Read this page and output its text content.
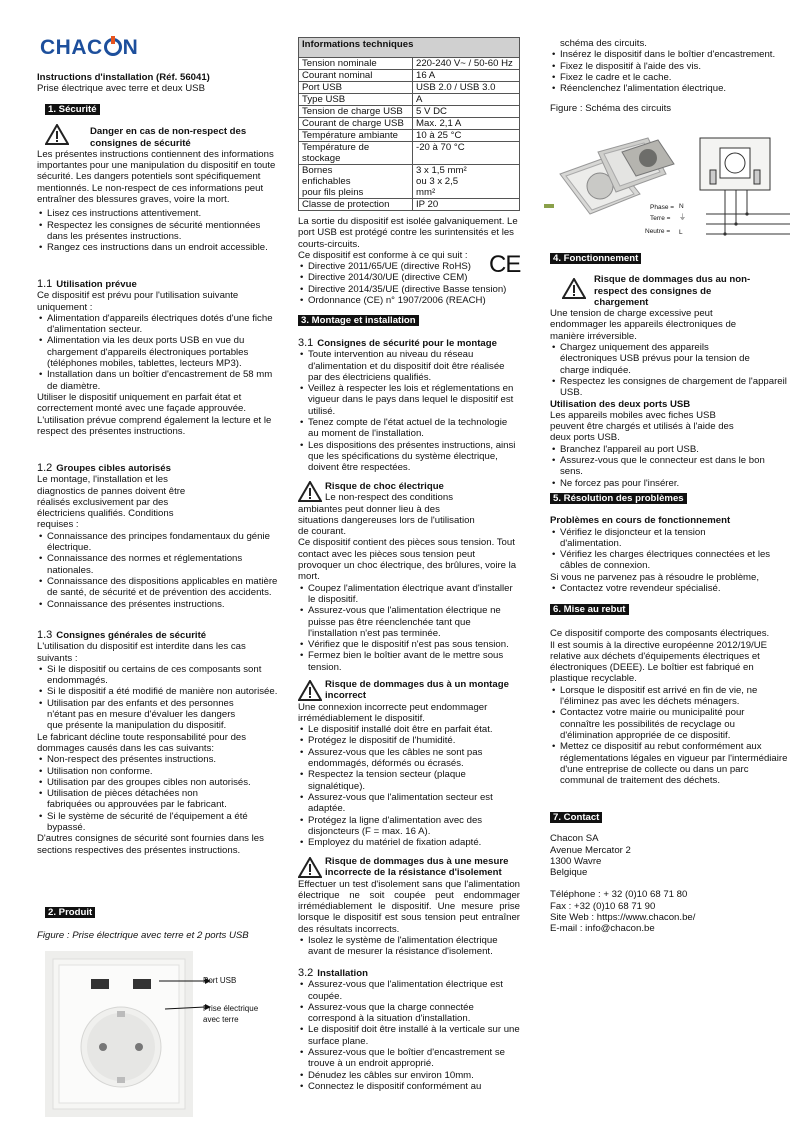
CHAC N

Instructions d'installation (Réf. 56041)

Prise électrique avec terre et deux USB

1. Sécurité

Danger en cas de non-respect des consignes de sécurité

Les présentes instructions contiennent des informations importantes pour une manipulation du dispositif en toute sécurité. Les dangers potentiels sont spécifiquement mentionnés. Le non-respect de ces informations peut entraîner des blessures graves, voire la mort.

• Lisez ces instructions attentivement.
• Respectez les consignes de sécurité mentionnées dans les présentes instructions.
• Rangez ces instructions dans un endroit accessible.

1.1 Utilisation prévue

Ce dispositif est prévu pour l'utilisation suivante uniquement :

• Alimentation d'appareils électriques dotés d'une fiche d'alimentation secteur.
• Alimentation via les deux ports USB en vue du chargement d'appareils électroniques portables (téléphones mobiles, tablettes, lecteurs MP3).
• Installation dans un boîtier d'encastrement de 58 mm de diamètre.

Utiliser le dispositif uniquement en parfait état et correctement monté avec une façade approuvée.

L'utilisation prévue comprend également la lecture et le respect des présentes instructions.

1.2 Groupes cibles autorisés

Le montage, l'installation et les diagnostics de pannes doivent être réalisés exclusivement par des électriciens qualifiés. Conditions requises :

• Connaissance des principes fondamentaux du génie électrique.
• Connaissance des normes et réglementations nationales.
• Connaissance des dispositions applicables en matière de santé, de sécurité et de prévention des accidents.
• Connaissance des présentes instructions.

1.3 Consignes générales de sécurité

L'utilisation du dispositif est interdite dans les cas suivants :

• Si le dispositif ou certains de ces composants sont endommagés.
• Si le dispositif a été modifié de manière non autorisée.
• Utilisation par des enfants et des personnes n'étant pas en mesure d'évaluer les dangers que présente la manipulation du dispositif.

Le fabricant décline toute responsabilité pour des dommages causés dans les cas suivants:

• Non-respect des présentes instructions.
• Utilisation non conforme.
• Utilisation par des groupes cibles non autorisés.
• Utilisation de pièces détachées non fabriquées ou approuvées par le fabricant.
• Si le système de sécurité de l'équipement a été bypassé.

D'autres consignes de sécurité sont fournies dans les sections respectives des présentes instructions.

2. Produit

Figure : Prise électrique avec terre et 2 ports USB

Port USB
Prise électrique avec terre
Informations techniques	
Tension nominale	220-240 V~ / 50-60 Hz
Courant nominal	16 A
Port USB	USB 2.0 / USB 3.0
Type USB	A
Tension de charge USB	5 V DC
Courant de charge USB	Max. 2,1 A
Température ambiante	10 à 25 °C
Température de stockage	-20 à 70 °C
Bornes enfichables pour fils pleins	3 x 1,5 mm² ou 3 x 2,5 mm²
Classe de protection	IP 20

La sortie du dispositif est isolée galvaniquement. Le port USB est protégé contre les surintensités et les courts-circuits.

Ce dispositif est conforme à ce qui suit :

• Directive 2011/65/UE (directive RoHS)
• Directive 2014/30/UE (directive CEM)
• Directive 2014/35/UE (directive Basse tension)
• Ordonnance (CE) n° 1907/2006 (REACH)
CE
3. Montage et installation

3.1 Consignes de sécurité pour le montage

• Toute intervention au niveau du réseau d'alimentation et du dispositif doit être réalisée par des électriciens qualifiés.
• Veillez à respecter les lois et réglementations en vigueur dans le pays dans lequel le dispositif est utilisé.
• Tenez compte de l'état actuel de la technologie au moment de l'installation.
• Les dispositions des présentes instructions, ainsi que les spécifications du système électrique, doivent être respectées.

Risque de choc électrique

Le non-respect des conditions ambiantes peut donner lieu à des situations dangereuses lors de l'utilisation de courant.

Ce dispositif contient des pièces sous tension. Tout contact avec les pièces sous tension peut provoquer un choc électrique, des brûlures, voire la mort.

• Coupez l'alimentation électrique avant d'installer le dispositif.
• Assurez-vous que l'alimentation électrique ne puisse pas être réenclenchée tant que l'installation n'est pas terminée.
• Vérifiez que le dispositif n'est pas sous tension.
• Fermez bien le boîtier avant de le mettre sous tension.

Risque de dommages dus à un montage incorrect

Une connexion incorrecte peut endommager irrémédiablement le dispositif.

• Le dispositif installé doit être en parfait état.
• Protégez le dispositif de l'humidité.
• Assurez-vous que les câbles ne sont pas endommagés, déformés ou écrasés.
• Respectez la tension secteur (plaque signalétique).
• Assurez-vous que l'alimentation secteur est adaptée.
• Protégez la ligne d'alimentation avec des disjoncteurs (F = max. 16 A).
• Employez du matériel de fixation adapté.

Risque de dommages dus à une mesure incorrecte de la résistance d'isolement

Effectuer un test d'isolement sans que l'alimentation électrique ne soit coupée peut endommager irrémédiablement le dispositif. Une mesure prise lorsque le dispositif est sous tension peut entraîner des résultats incorrects.

• Isolez le système de l'alimentation électrique avant de mesurer la résistance d'isolement.

3.2 Installation

• Assurez-vous que l'alimentation électrique est coupée.
• Assurez-vous que la charge connectée correspond à la situation d'installation.
• Le dispositif doit être installé à la verticale sur une surface plane.
• Assurez-vous que le boîtier d'encastrement se trouve à un endroit approprié.
• Dénudez les câbles sur environ 10mm.
• Connectez le dispositif conformément au

schéma des circuits.

• Insérez le dispositif dans le boîtier d'encastrement.
• Fixez le dispositif à l'aide des vis.
• Fixez le cadre et le cache.
• Réenclenchez l'alimentation électrique.

Figure : Schéma des circuits

Phase = N
Terre = ⏚
Neutre = L
4. Fonctionnement

Risque de dommages dus au non-respect des consignes de chargement

Une tension de charge excessive peut endommager les appareils électroniques de manière irréversible.

• Chargez uniquement des appareils électroniques USB prévus pour la tension de charge indiquée.
• Respectez les consignes de chargement de l'appareil USB.

Utilisation des deux ports USB

Les appareils mobiles avec fiches USB peuvent être chargés et utilisés à l'aide des deux ports USB.

• Branchez l'appareil au port USB.
• Assurez-vous que le connecteur est dans le bon sens.
• Ne forcez pas pour l'insérer.
5. Résolution des problèmes

Problèmes en cours de fonctionnement

• Vérifiez le disjoncteur et la tension d'alimentation.
• Vérifiez les charges électriques connectées et les câbles de connexion.

Si vous ne parvenez pas à résoudre le problème,

• Contactez votre revendeur spécialisé.
6. Mise au rebut

Ce dispositif comporte des composants électriques. Il est soumis à la directive européenne 2012/19/UE relative aux déchets d'équipements électriques et électroniques (DEEE). Le boîtier est fabriqué en plastique recyclable.

• Lorsque le dispositif est arrivé en fin de vie, ne l'éliminez pas avec les déchets ménagers.
• Contactez votre mairie ou municipalité pour connaître les possibilités de recyclage ou d'élimination appropriée de ce dispositif.
• Mettez ce dispositif au rebut conformément aux réglementations légales en vigueur par l'intermédiaire d'une entreprise de collecte ou dans un parc communal de traitement des déchets.
7. Contact

Chacon SA

Avenue Mercator 2

1300 Wavre

Belgique

Téléphone : + 32 (0)10 68 71 80

Fax : +32 (0)10 68 71 90

Site Web : https://www.chacon.be/

E-mail : info@chacon.be
